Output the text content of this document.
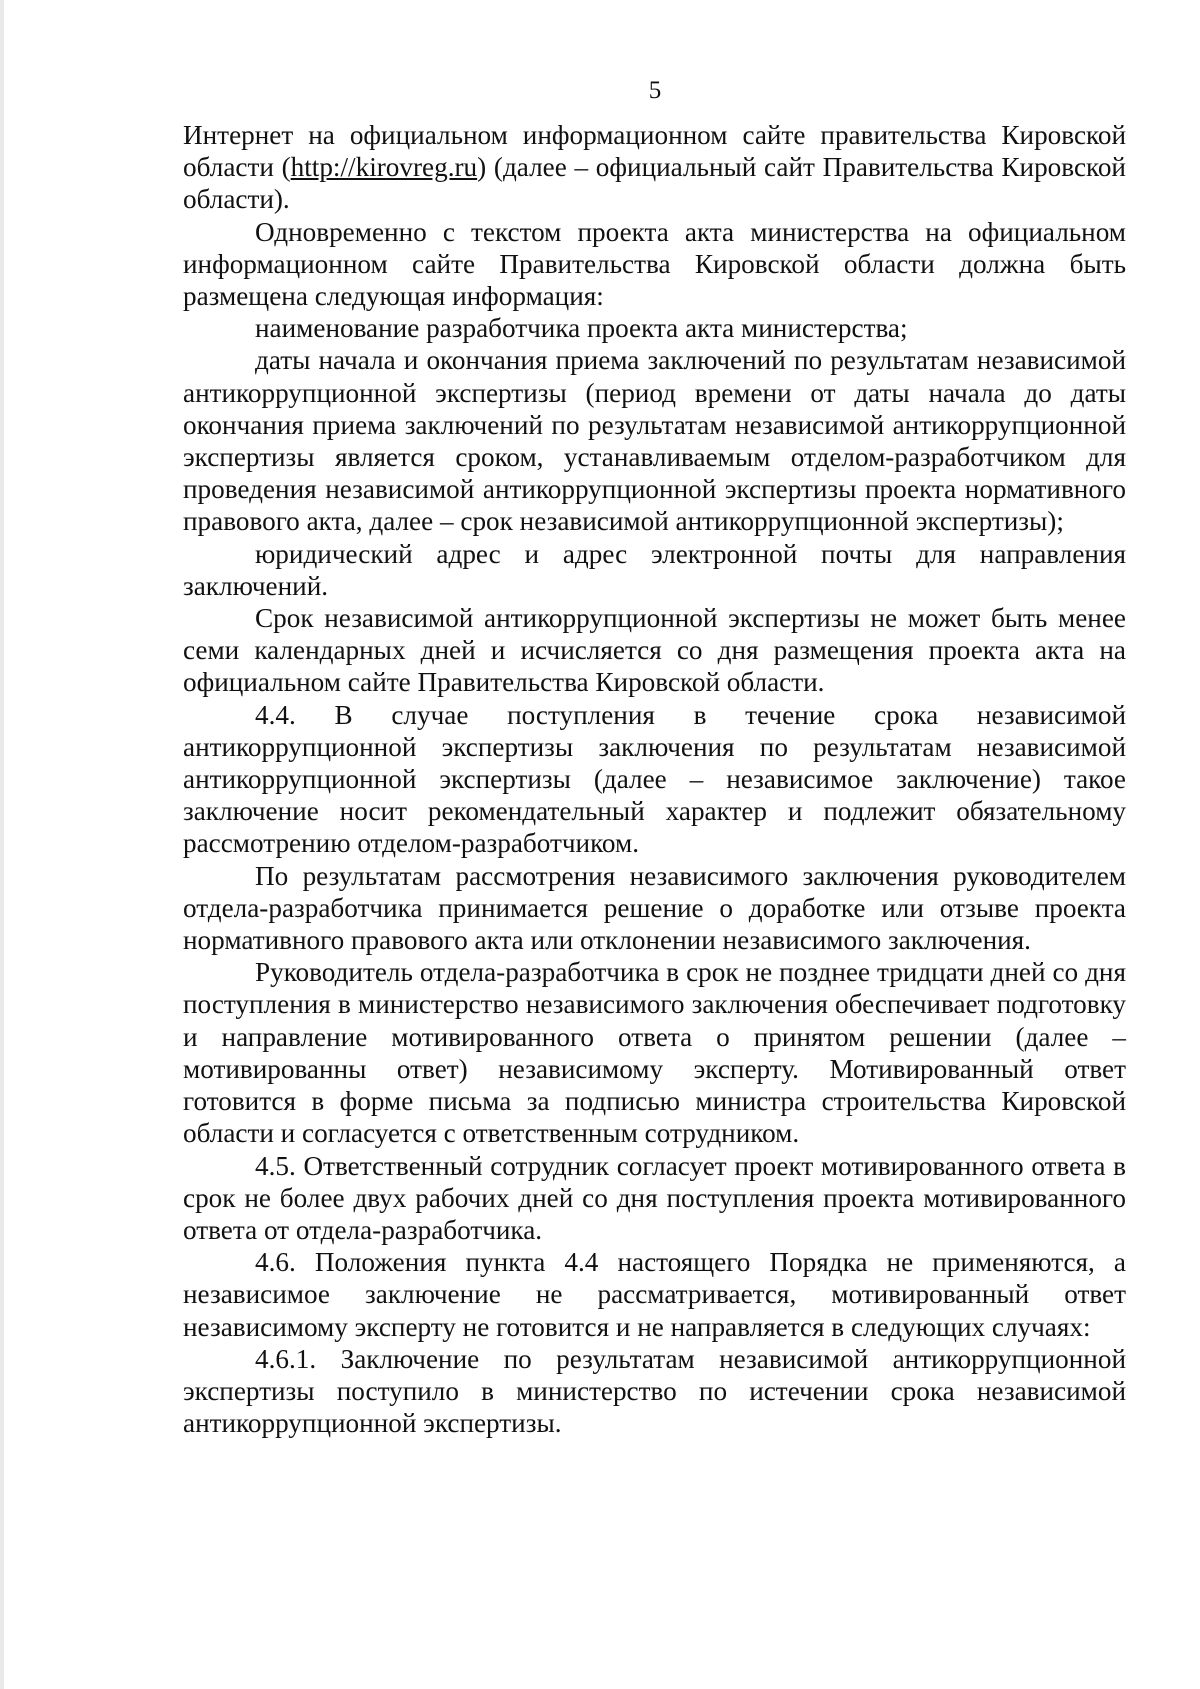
5

Интернет на официальном информационном сайте правительства Кировской области (http://kirovreg.ru) (далее – официальный сайт Правительства Кировской области).

Одновременно с текстом проекта акта министерства на официальном информационном сайте Правительства Кировской области должна быть размещена следующая информация:

наименование разработчика проекта акта министерства;

даты начала и окончания приема заключений по результатам независимой антикоррупционной экспертизы (период времени от даты начала до даты окончания приема заключений по результатам независимой антикоррупционной экспертизы является сроком, устанавливаемым отделом-разработчиком для проведения независимой антикоррупционной экспертизы проекта нормативного правового акта, далее – срок независимой антикоррупционной экспертизы);

юридический адрес и адрес электронной почты для направления заключений.

Срок независимой антикоррупционной экспертизы не может быть менее семи календарных дней и исчисляется со дня размещения проекта акта на официальном сайте Правительства Кировской области.

4.4. В случае поступления в течение срока независимой антикоррупционной экспертизы заключения по результатам независимой антикоррупционной экспертизы (далее – независимое заключение) такое заключение носит рекомендательный характер и подлежит обязательному рассмотрению отделом-разработчиком.

По результатам рассмотрения независимого заключения руководителем отдела-разработчика принимается решение о доработке или отзыве проекта нормативного правового акта или отклонении независимого заключения.

Руководитель отдела-разработчика в срок не позднее тридцати дней со дня поступления в министерство независимого заключения обеспечивает подготовку и направление мотивированного ответа о принятом решении (далее – мотивированны ответ) независимому эксперту. Мотивированный ответ готовится в форме письма за подписью министра строительства Кировской области и согласуется с ответственным сотрудником.

4.5. Ответственный сотрудник согласует проект мотивированного ответа в срок не более двух рабочих дней со дня поступления проекта мотивированного ответа от отдела-разработчика.

4.6. Положения пункта 4.4 настоящего Порядка не применяются, а независимое заключение не рассматривается, мотивированный ответ независимому эксперту не готовится и не направляется в следующих случаях:

4.6.1. Заключение по результатам независимой антикоррупционной экспертизы поступило в министерство по истечении срока независимой антикоррупционной экспертизы.
